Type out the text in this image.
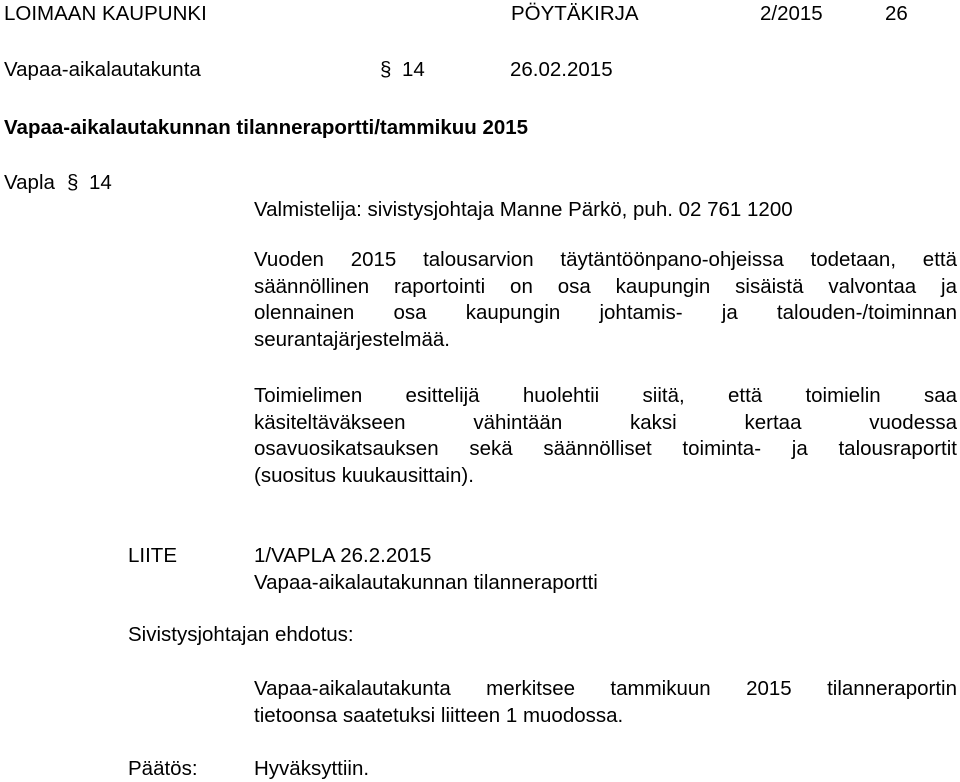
LOIMAAN KAUPUNKI	PÖYTÄKIRJA	2/2015	26
Vapaa-aikalautakunta	§ 14	26.02.2015
Vapaa-aikalautakunnan tilanneraportti/tammikuu 2015
Vapla § 14
Valmistelija: sivistysjohtaja Manne Pärkö, puh. 02 761 1200
Vuoden 2015 talousarvion täytäntöönpano-ohjeissa todetaan, että
säännöllinen raportointi on osa kaupungin sisäistä valvontaa ja
olennainen osa kaupungin johtamis- ja talouden-/toiminnan
seurantajärjestelmää.
Toimielimen esittelijä huolehtii siitä, että toimielin saa
käsiteltäväkseen vähintään kaksi kertaa vuodessa
osavuosikatsauksen sekä säännölliset toiminta- ja talousraportit
(suositus kuukausittain).
LIITE	1/VAPLA 26.2.2015
Vapaa-aikalautakunnan tilanneraportti
Sivistysjohtajan ehdotus:
Vapaa-aikalautakunta merkitsee tammikuun 2015 tilanneraportin
tietoonsa saatetuksi liitteen 1 muodossa.
Päätös:	Hyväksyttiin.
